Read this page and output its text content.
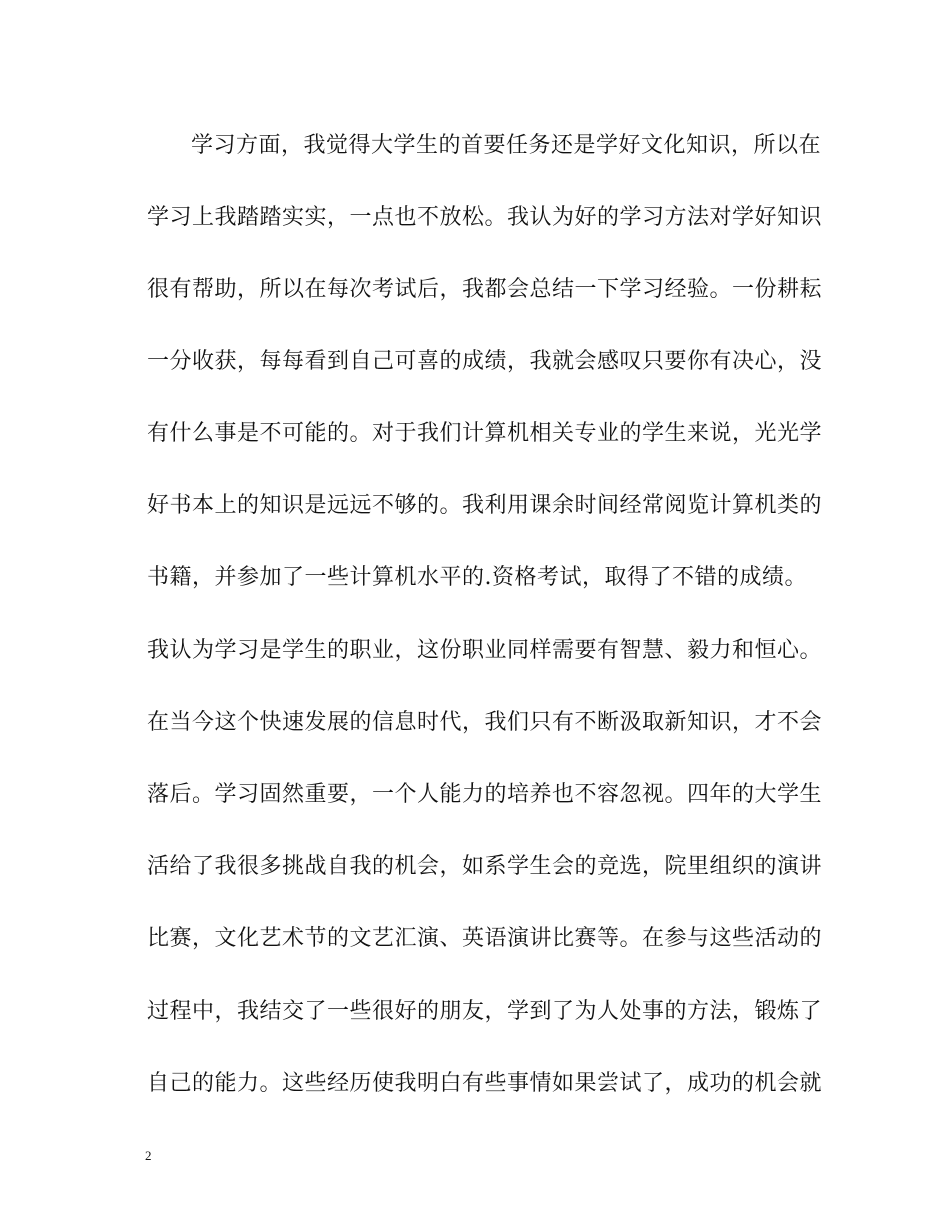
学习方面，我觉得大学生的首要任务还是学好文化知识，所以在
学习上我踏踏实实，一点也不放松。我认为好的学习方法对学好知识
很有帮助，所以在每次考试后，我都会总结一下学习经验。一份耕耘
一分收获，每每看到自己可喜的成绩，我就会感叹只要你有决心，没
有什么事是不可能的。对于我们计算机相关专业的学生来说，光光学
好书本上的知识是远远不够的。我利用课余时间经常阅览计算机类的
书籍，并参加了一些计算机水平的.资格考试，取得了不错的成绩。
我认为学习是学生的职业，这份职业同样需要有智慧、毅力和恒心。
在当今这个快速发展的信息时代，我们只有不断汲取新知识，才不会
落后。学习固然重要，一个人能力的培养也不容忽视。四年的大学生
活给了我很多挑战自我的机会，如系学生会的竞选，院里组织的演讲
比赛，文化艺术节的文艺汇演、英语演讲比赛等。在参与这些活动的
过程中，我结交了一些很好的朋友，学到了为人处事的方法，锻炼了
自己的能力。这些经历使我明白有些事情如果尝试了，成功的机会就
2
